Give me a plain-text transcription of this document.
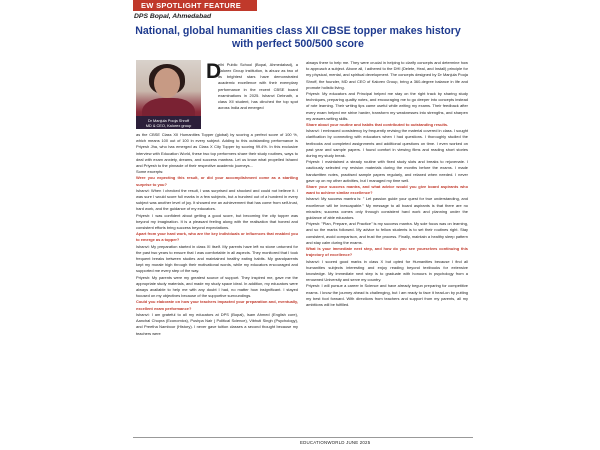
EW SPOTLIGHT FEATURE
DPS Bopal, Ahmedabad
National, global humanities class XII CBSE topper makes history with perfect 500/500 score
Dr Manjula Pooja Shroff
MD & CEO, Kalorex group
D

elhi Public School (Bopal, Ahmedabad), a Kalorex Group institution, is abuzz as two of its brightest stars have demonstrated academic excellence with their exemplary performance in the recent CBSE board examinations in 2025. Ishanvi Debnath, a class XII student, has clinched the top spot across India and emerged

as the CBSE Class XII Humanities Topper (global) by scoring a perfect score of 100 %, which means 100 out of 100 in every subject. Adding to this outstanding performance is Priyesh Jha, who has emerged as Class X City Topper by scoring 99.4%. In this exclusive interview with Education World, these two top performers share their study routines, ways to deal with exam anxiety, dreams, and success mantras. Let us know what propelled Ishanvi and Priyesh to the pinnacle of their respective academic journeys...

Some excerpts:

Were you expecting this result, or did your accomplishment come as a startling surprise to you?

Ishanvi: When I checked the result, I was surprised and shocked and could not believe it. I was sure I would score full marks in a few subjects, but a hundred out of a hundred in every subject was another level of joy. It showed me an achievement that has come from self-trust, hard work, and the guidance of my educators.

Priyesh: I was confident about getting a good score, but becoming the city topper was beyond my imagination. It is a pleasant feeling along with the realisation that honest and consistent efforts bring success beyond expectations.

Apart from your hard work, who are the key individuals or influences that enabled you to emerge as a topper?

Ishanvi: My preparation started in class XI itself. My parents have left no stone unturned for the past two years to ensure that I was comfortable in all aspects. They monitored that I took frequent breaks between studies and maintained healthy eating habits. My grandparents kept my morale high through their motivational words, while my educators encouraged and supported me every step of the way.

Priyesh: My parents were my greatest source of support. They inspired me, gave me the appropriate study materials, and made my study space ideal. In addition, my educators were always available to help me with any doubt I had, no matter how insignificant. I stayed focused on my objectives because of the supportive surroundings.

Could you elaborate on how your teachers impacted your preparation and, eventually, excellent exam performance?

Ishanvi: I am grateful to all my educators at DPS (Bopal), Isam Ahmed (English core), Aanchal Chopra (Economics), Pushpa Nair ( Political Science), Vibhuti Singh (Psychology), and Preetha Namboor (History). I never gave tuition classes a second thought because my teachers were

always there to help me. They were crucial in helping to clarify concepts and determine how to approach a subject. Above all, I adhered to the DHI (Delete, Heal, and Install) principle for my physical, mental, and spiritual development. The concepts designed by Dr Manjula Pooja Shroff, the founder, MD and CEO of Kalorex Group, bring a 360-degree balance in life and promote holistic living.

Priyesh: My educators and Principal helped me stay on the right track by sharing study techniques, preparing quality notes, and encouraging me to go deeper into concepts instead of rote learning. Their writing tips came useful while writing my exams. Their feedback after every exam helped me strive harder, transform my weaknesses into strengths, and sharpen my answer-writing skills.

Share about your routine and habits that contributed to outstanding results.

Ishanvi: I embraced consistency by frequently revising the material covered in class. I sought clarification by connecting with educators when I had questions. I thoroughly studied the textbooks and completed assignments and additional questions on time. I even worked on past year and sample papers. I found comfort in viewing films and reading short stories during my study break.

Priyesh: I maintained a steady routine with fixed study slots and breaks to rejuvenate. I cautiously selected my revision materials during the months before the exams. I made handwritten notes, practised sample papers regularly, and relaxed when needed. I never gave up on my other activities, but I managed my time well.

Share your success mantra, and what advice would you give board aspirants who want to achieve similar excellence?

Ishanvi: My success mantra is: " Let passion guide your quest for true understanding, and excellence will be inescapable." My message to all board aspirants is that there are no miracles; success comes only through consistent hard work and planning under the guidance of able educators.

Priyesh: "Plan, Prepare, and Practice" is my success mantra. My sole focus was on learning, and so the marks followed. My advice to fellow students is to set their routines right. Stay consistent, avoid comparison, and trust the process. Finally, maintain a healthy sleep pattern and stay calm during the exams.

What is your immediate next step, and how do you see yourselves continuing this trajectory of excellence?

Ishanvi: I scored good marks in class X but opted for Humanities because I find all humanities subjects interesting and enjoy reading beyond textbooks for extensive knowledge. My immediate next step is to graduate with honours in psychology from a renowned University and serve my country.

Priyesh: I will pursue a career in Science and have already begun preparing for competitive exams. I know the journey ahead is challenging, but I am ready to face it head-on by putting my best foot forward. With directions from teachers and support from my parents, all my ambitions will be fulfilled.

EDUCATIONWORLD JUNE 2025
